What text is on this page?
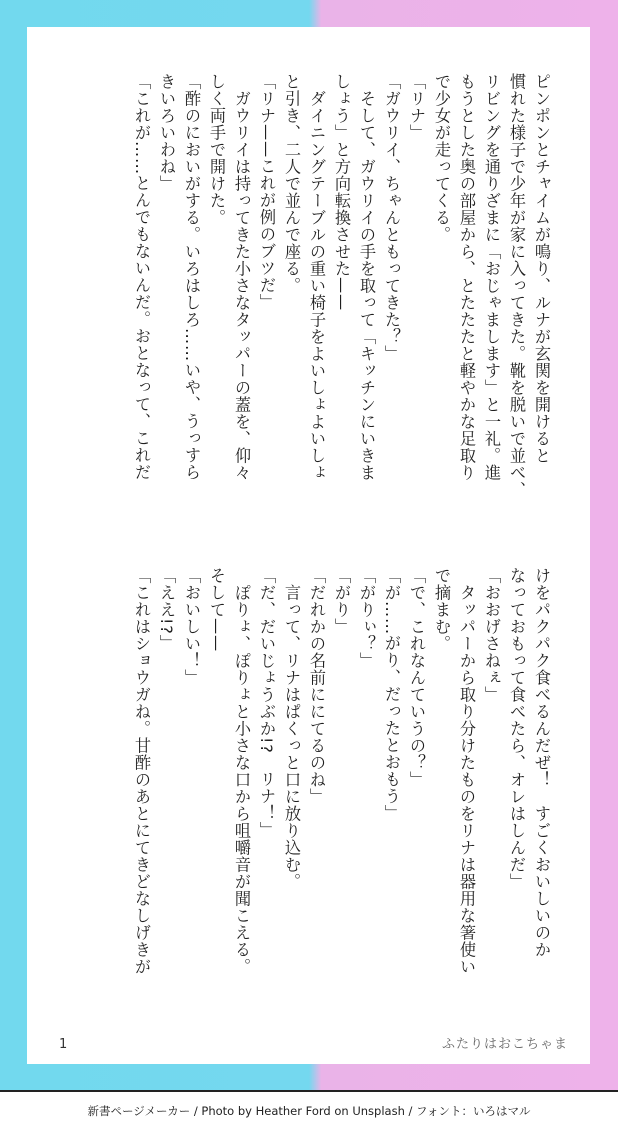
ピンポンとチャイムが鳴り、ルナが玄関を開けると

慣れた様子で少年が家に入ってきた。靴を脱いで並べ、

リビングを通りざまに「おじゃまします」と一礼。進

もうとした奥の部屋から、とたたたと軽やかな足取り

で少女が走ってくる。

「リナ」

「ガウリイ、ちゃんともってきた？」

　そして、ガウリイの手を取って「キッチンにいきま

しょう」と方向転換させた——

　ダイニングテーブルの重い椅子をよいしょよいしょ

と引き、二人で並んで座る。

「リナ——これが例のブツだ」

　ガウリイは持ってきた小さなタッパーの蓋を、仰々

しく両手で開けた。

「酢のにおいがする。いろはしろ……いや、うっすら

きいろいわね」

「これが……とんでもないんだ。おとなって、これだ

けをパクパク食べるんだぜ！　すごくおいしいのか

なっておもって食べたら、オレはしんだ」

「おおげさねぇ」

　タッパーから取り分けたものをリナは器用な箸使い

で摘まむ。

「で、これなんていうの？」

「が……がり、だったとおもう」

「がりぃ？」

「がり」

「だれかの名前ににてるのね」

　言って、リナはぱくっと口に放り込む。

「だ、だいじょうぶか!?　リナ！」

　ぽりょ、ぽりょと小さな口から咀嚼音が聞こえる。

そして——

「おいしい！」

「ええ!?」

「これはショウガね。甘酢のあとにてきどなしげきが

1	ふたりはおこちゃま
新書ページメーカー / Photo by Heather Ford on Unsplash / フォント：いろはマル
